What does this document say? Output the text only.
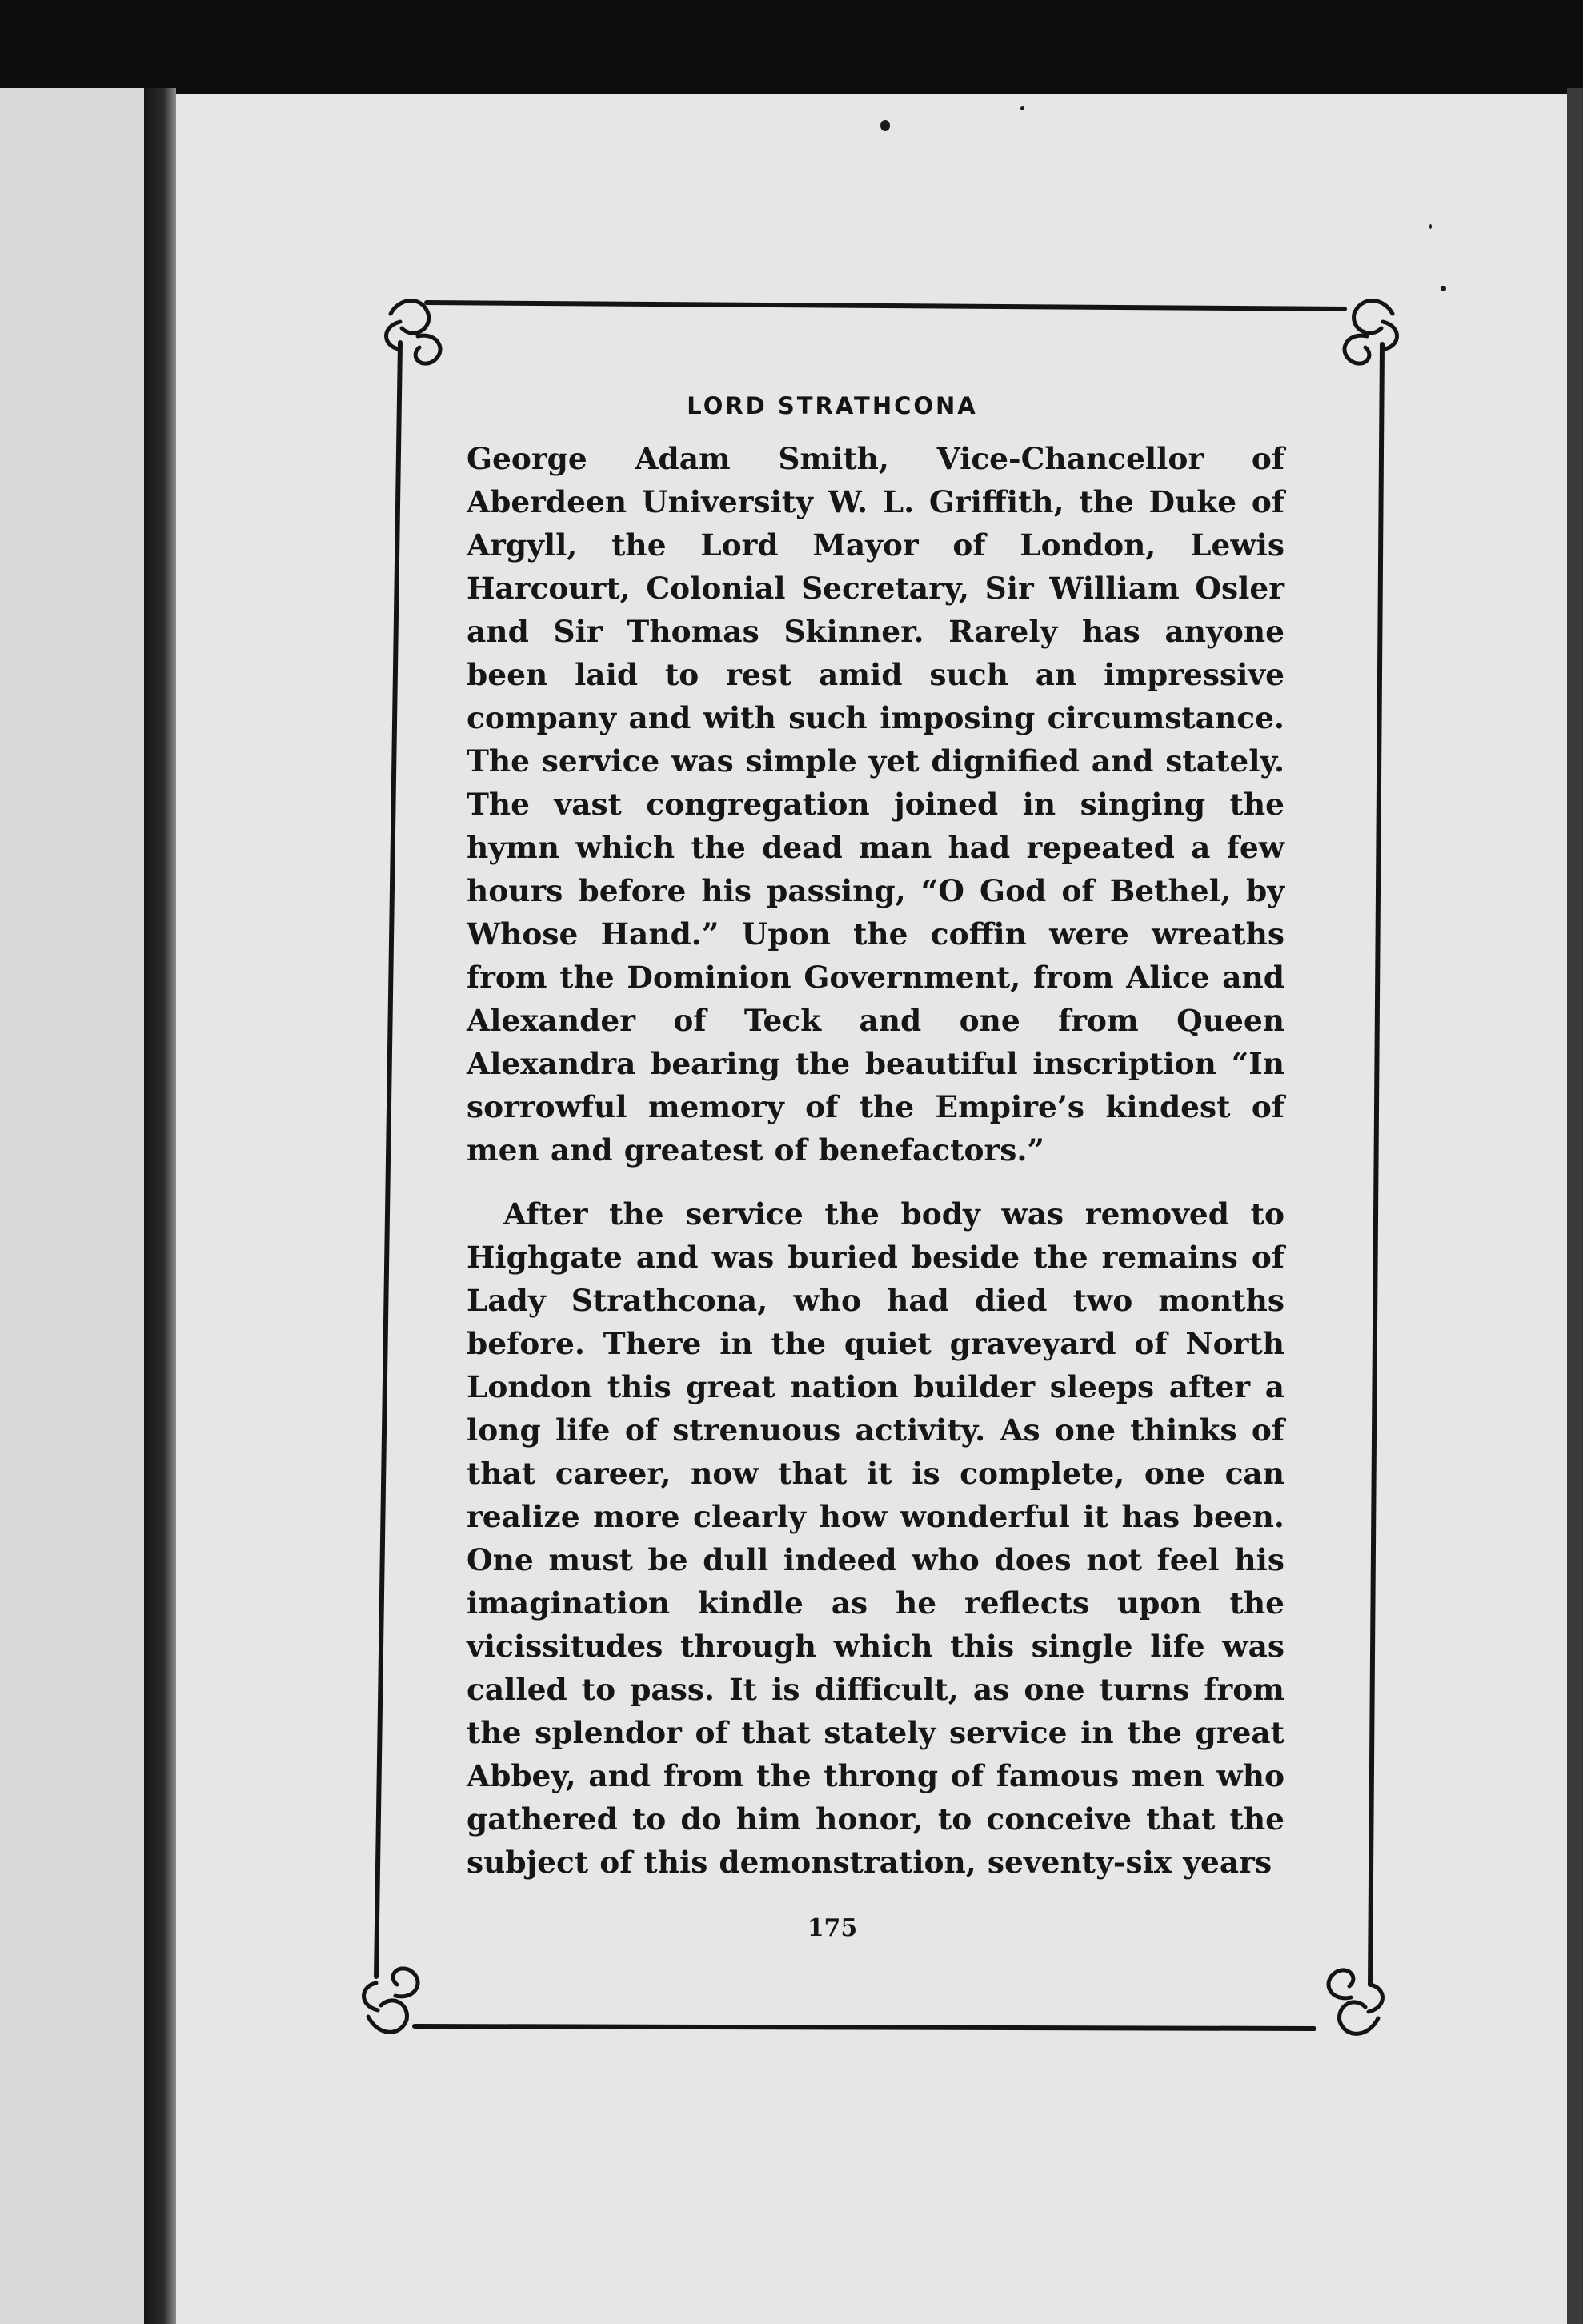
LORD STRATHCONA

George Adam Smith, Vice-Chancellor of Aberdeen University W. L. Griffith, the Duke of Argyll, the Lord Mayor of London, Lewis Harcourt, Colonial Secretary, Sir William Osler and Sir Thomas Skinner. Rarely has anyone been laid to rest amid such an impressive company and with such imposing circumstance. The service was simple yet dignified and stately. The vast congregation joined in singing the hymn which the dead man had repeated a few hours before his passing, “O God of Bethel, by Whose Hand.” Upon the coffin were wreaths from the Dominion Government, from Alice and Alexander of Teck and one from Queen Alexandra bearing the beautiful inscription “In sorrowful memory of the Empire’s kindest of men and greatest of benefactors.”

After the service the body was removed to Highgate and was buried beside the remains of Lady Strathcona, who had died two months before. There in the quiet graveyard of North London this great nation builder sleeps after a long life of strenuous activity. As one thinks of that career, now that it is complete, one can realize more clearly how wonderful it has been. One must be dull indeed who does not feel his imagination kindle as he reflects upon the vicissitudes through which this single life was called to pass. It is difficult, as one turns from the splendor of that stately service in the great Abbey, and from the throng of famous men who gathered to do him honor, to conceive that the subject of this demonstration, seventy-six years

175
